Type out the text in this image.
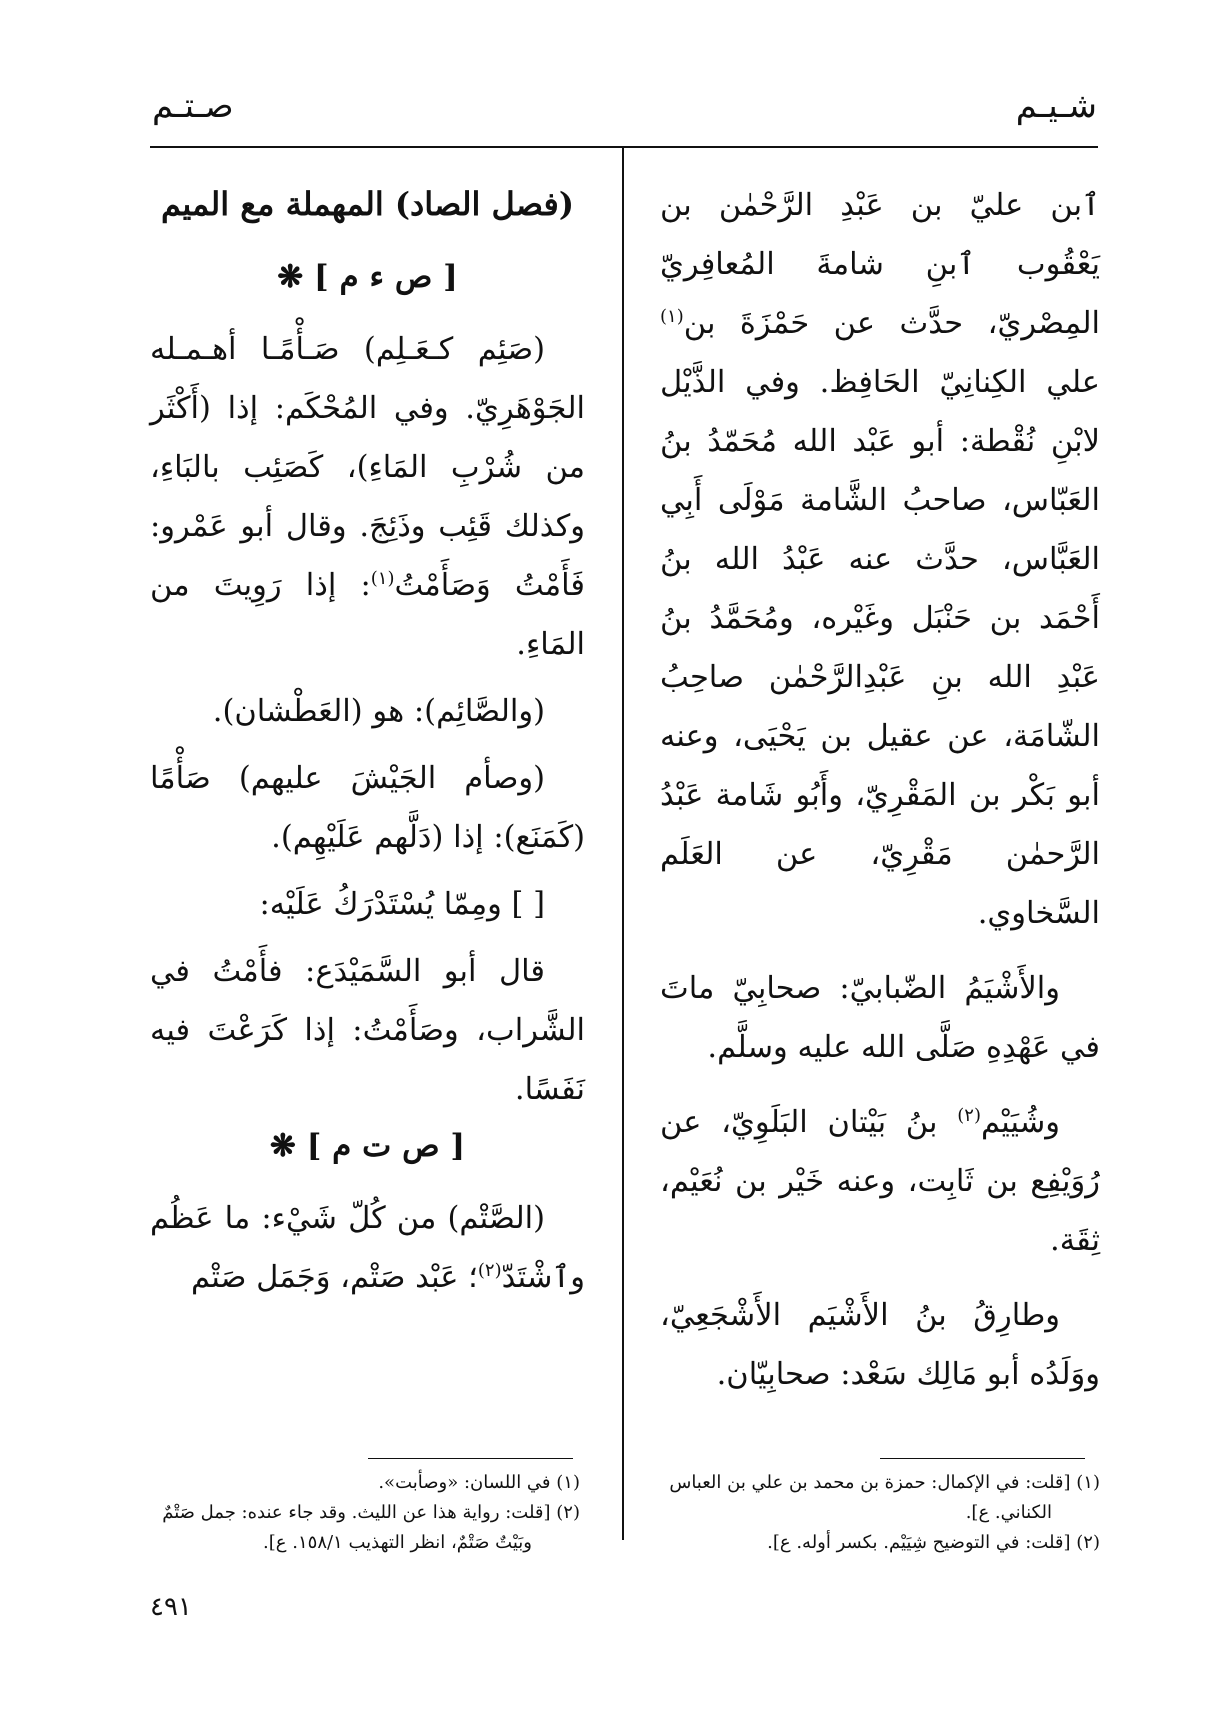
شـيـم
صـتـم

ٱبن عليّ بن عَبْدِ الرَّحْمٰن بن يَعْقُوب ٱبنِ شامةَ المُعافِريّ المِصْريّ، حدَّث عن حَمْزَةَ بن$^{(١)}$ علي الكِنانِيّ الحَافِظ. وفي الذَّيْل لابْنِ نُقْطة: أبو عَبْد الله مُحَمّدُ بنُ العَبّاس، صاحبُ الشَّامة مَوْلَى أَبِي العَبَّاس، حدَّث عنه عَبْدُ الله بنُ أَحْمَد بن حَنْبَل وغَيْره، ومُحَمَّدُ بنُ عَبْدِ الله بنِ عَبْدِالرَّحْمٰن صاحِبُ الشّامَة، عن عقيل بن يَحْيَى، وعنه أبو بَكْر بن المَقْرِيّ، وأَبُو شَامة عَبْدُ الرَّحمٰن مَقْرِيّ، عن العَلَم السَّخاوي.

والأَشْيَمُ الضّبابيّ: صحابِيّ ماتَ في عَهْدِهِ صَلَّى الله عليه وسلَّم.

وشُيَيْم$^{(٢)}$ بنُ بَيْتان البَلَوِيّ، عن رُوَيْفِع بن ثَابِت، وعنه خَيْر بن نُعَيْم، ثِقَة.

وطارِقُ بنُ الأَشْيَم الأَشْجَعِيّ، ووَلَدُه أبو مَالِك سَعْد: صحابِيّان.

(فصل الصاد) المهملة مع الميم

[ ص ء م ] ❋

(صَئِم كـعَـلِم) صَـأْمًـا أهـمـله الجَوْهَرِيّ. وفي المُحْكَم: إذا (أَكْثَر من شُرْبِ المَاءِ)، كَصَئِب بالبَاءِ، وكذلك قَئِب وذَئِجَ. وقال أبو عَمْرو: فَأَمْتُ وَصَأَمْتُ$^{(١)}$: إذا رَوِيتَ من المَاءِ.

(والصَّائِم): هو (العَطْشان).

(وصأم الجَيْشَ عليهم) صَأْمًا (كَمَنَع): إذا (دَلَّهم عَلَيْهِم).

[ ] ومِمّا يُسْتَدْرَكُ عَلَيْه:

قال أبو السَّمَيْدَع: فأَمْتُ في الشَّراب، وصَأَمْتُ: إذا كَرَعْتَ فيه نَفَسًا.

[ ص ت م ] ❋

(الصَّتْم) من كُلّ شَيْء: ما عَظُم وٱشْتَدّ$^{(٢)}$؛ عَبْد صَتْم، وَجَمَل صَتْم

(١) [قلت: في الإكمال: حمزة بن محمد بن علي بن العباس الكناني. ع].

(٢) [قلت: في التوضيح شِيَيْم. بكسر أوله. ع].

(١) في اللسان: «وصأبت».

(٢) [قلت: رواية هذا عن الليث. وقد جاء عنده: جمل صَتْمٌ وبَيْتٌ صَتْمٌ، انظر التهذيب ١٥٨/١. ع].

٤٩١
